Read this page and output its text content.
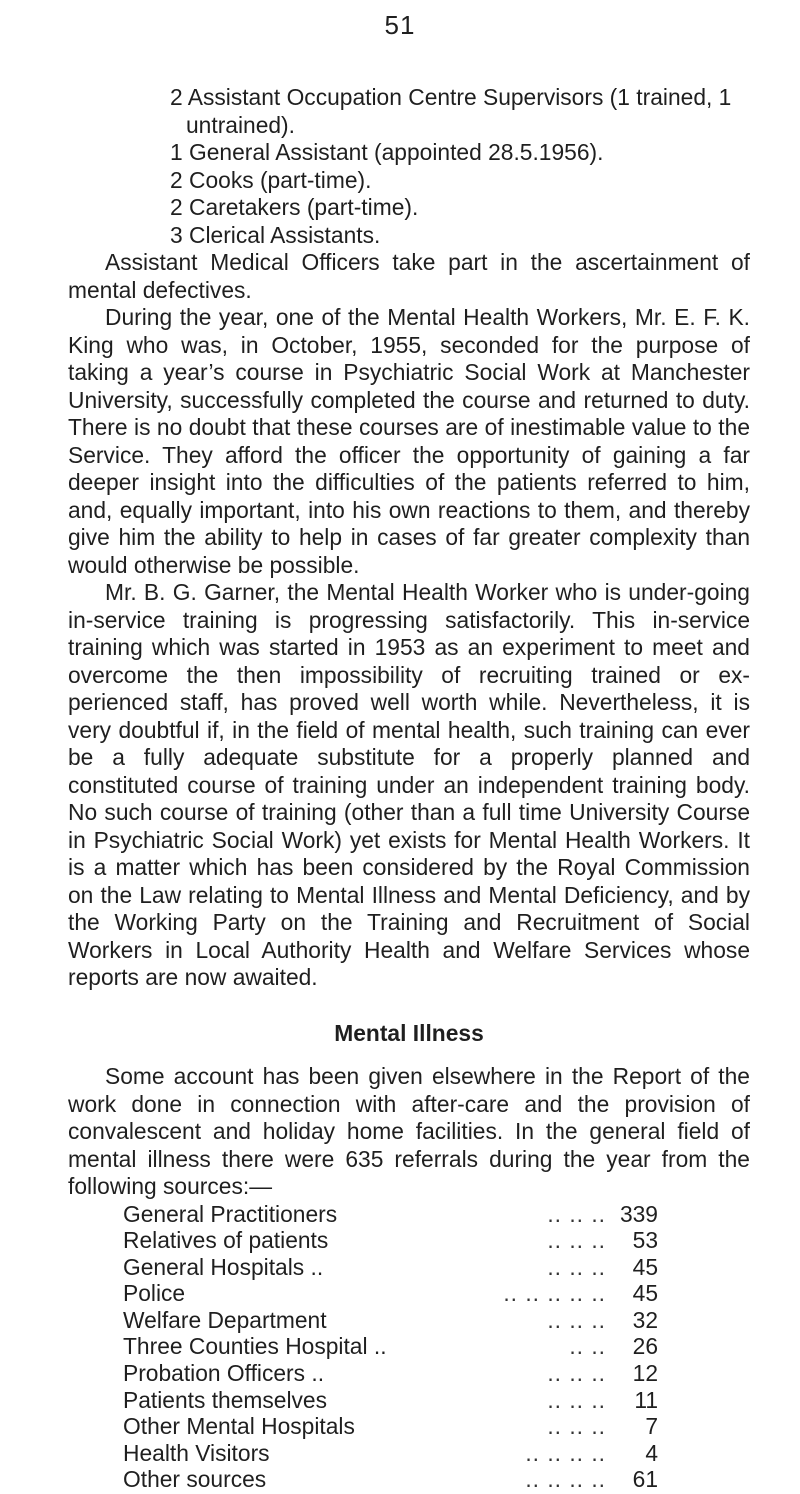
51

2 Assistant Occupation Centre Supervisors (1 trained, 1 untrained).

1 General Assistant (appointed 28.5.1956).

2 Cooks (part-time).

2 Caretakers (part-time).

3 Clerical Assistants.

Assistant Medical Officers take part in the ascertainment of mental defectives.

During the year, one of the Mental Health Workers, Mr. E. F. K. King who was, in October, 1955, seconded for the purpose of taking a year’s course in Psychiatric Social Work at Manchester University, successfully completed the course and returned to duty. There is no doubt that these courses are of inestimable value to the Service. They afford the officer the opportunity of gaining a far deeper insight into the difficulties of the patients referred to him, and, equally important, into his own reactions to them, and thereby give him the ability to help in cases of far greater complexity than would otherwise be possible.

Mr. B. G. Garner, the Mental Health Worker who is under-going in-service training is progressing satisfactorily. This in-service training which was started in 1953 as an experiment to meet and overcome the then impossibility of recruiting trained or ex-perienced staff, has proved well worth while. Nevertheless, it is very doubtful if, in the field of mental health, such training can ever be a fully adequate substitute for a properly planned and constituted course of training under an independent training body. No such course of training (other than a full time University Course in Psychiatric Social Work) yet exists for Mental Health Workers. It is a matter which has been considered by the Royal Commission on the Law relating to Mental Illness and Mental Deficiency, and by the Working Party on the Training and Recruitment of Social Workers in Local Authority Health and Welfare Services whose reports are now awaited.

Mental Illness

Some account has been given elsewhere in the Report of the work done in connection with after-care and the provision of convalescent and holiday home facilities. In the general field of mental illness there were 635 referrals during the year from the following sources:—

General Practitioners	.. .. .. 339
Relatives of patients	.. .. ..	53
General Hospitals ..	.. .. ..	45
Police	.. .. .. .. ..	45
Welfare Department	.. .. ..	32
Three Counties Hospital ..	.. ..	26
Probation Officers ..	.. .. ..	12
Patients themselves	.. .. ..	11
Other Mental Hospitals	.. .. ..	7
Health Visitors	.. .. .. ..	4
Other sources	.. .. .. ..	61
